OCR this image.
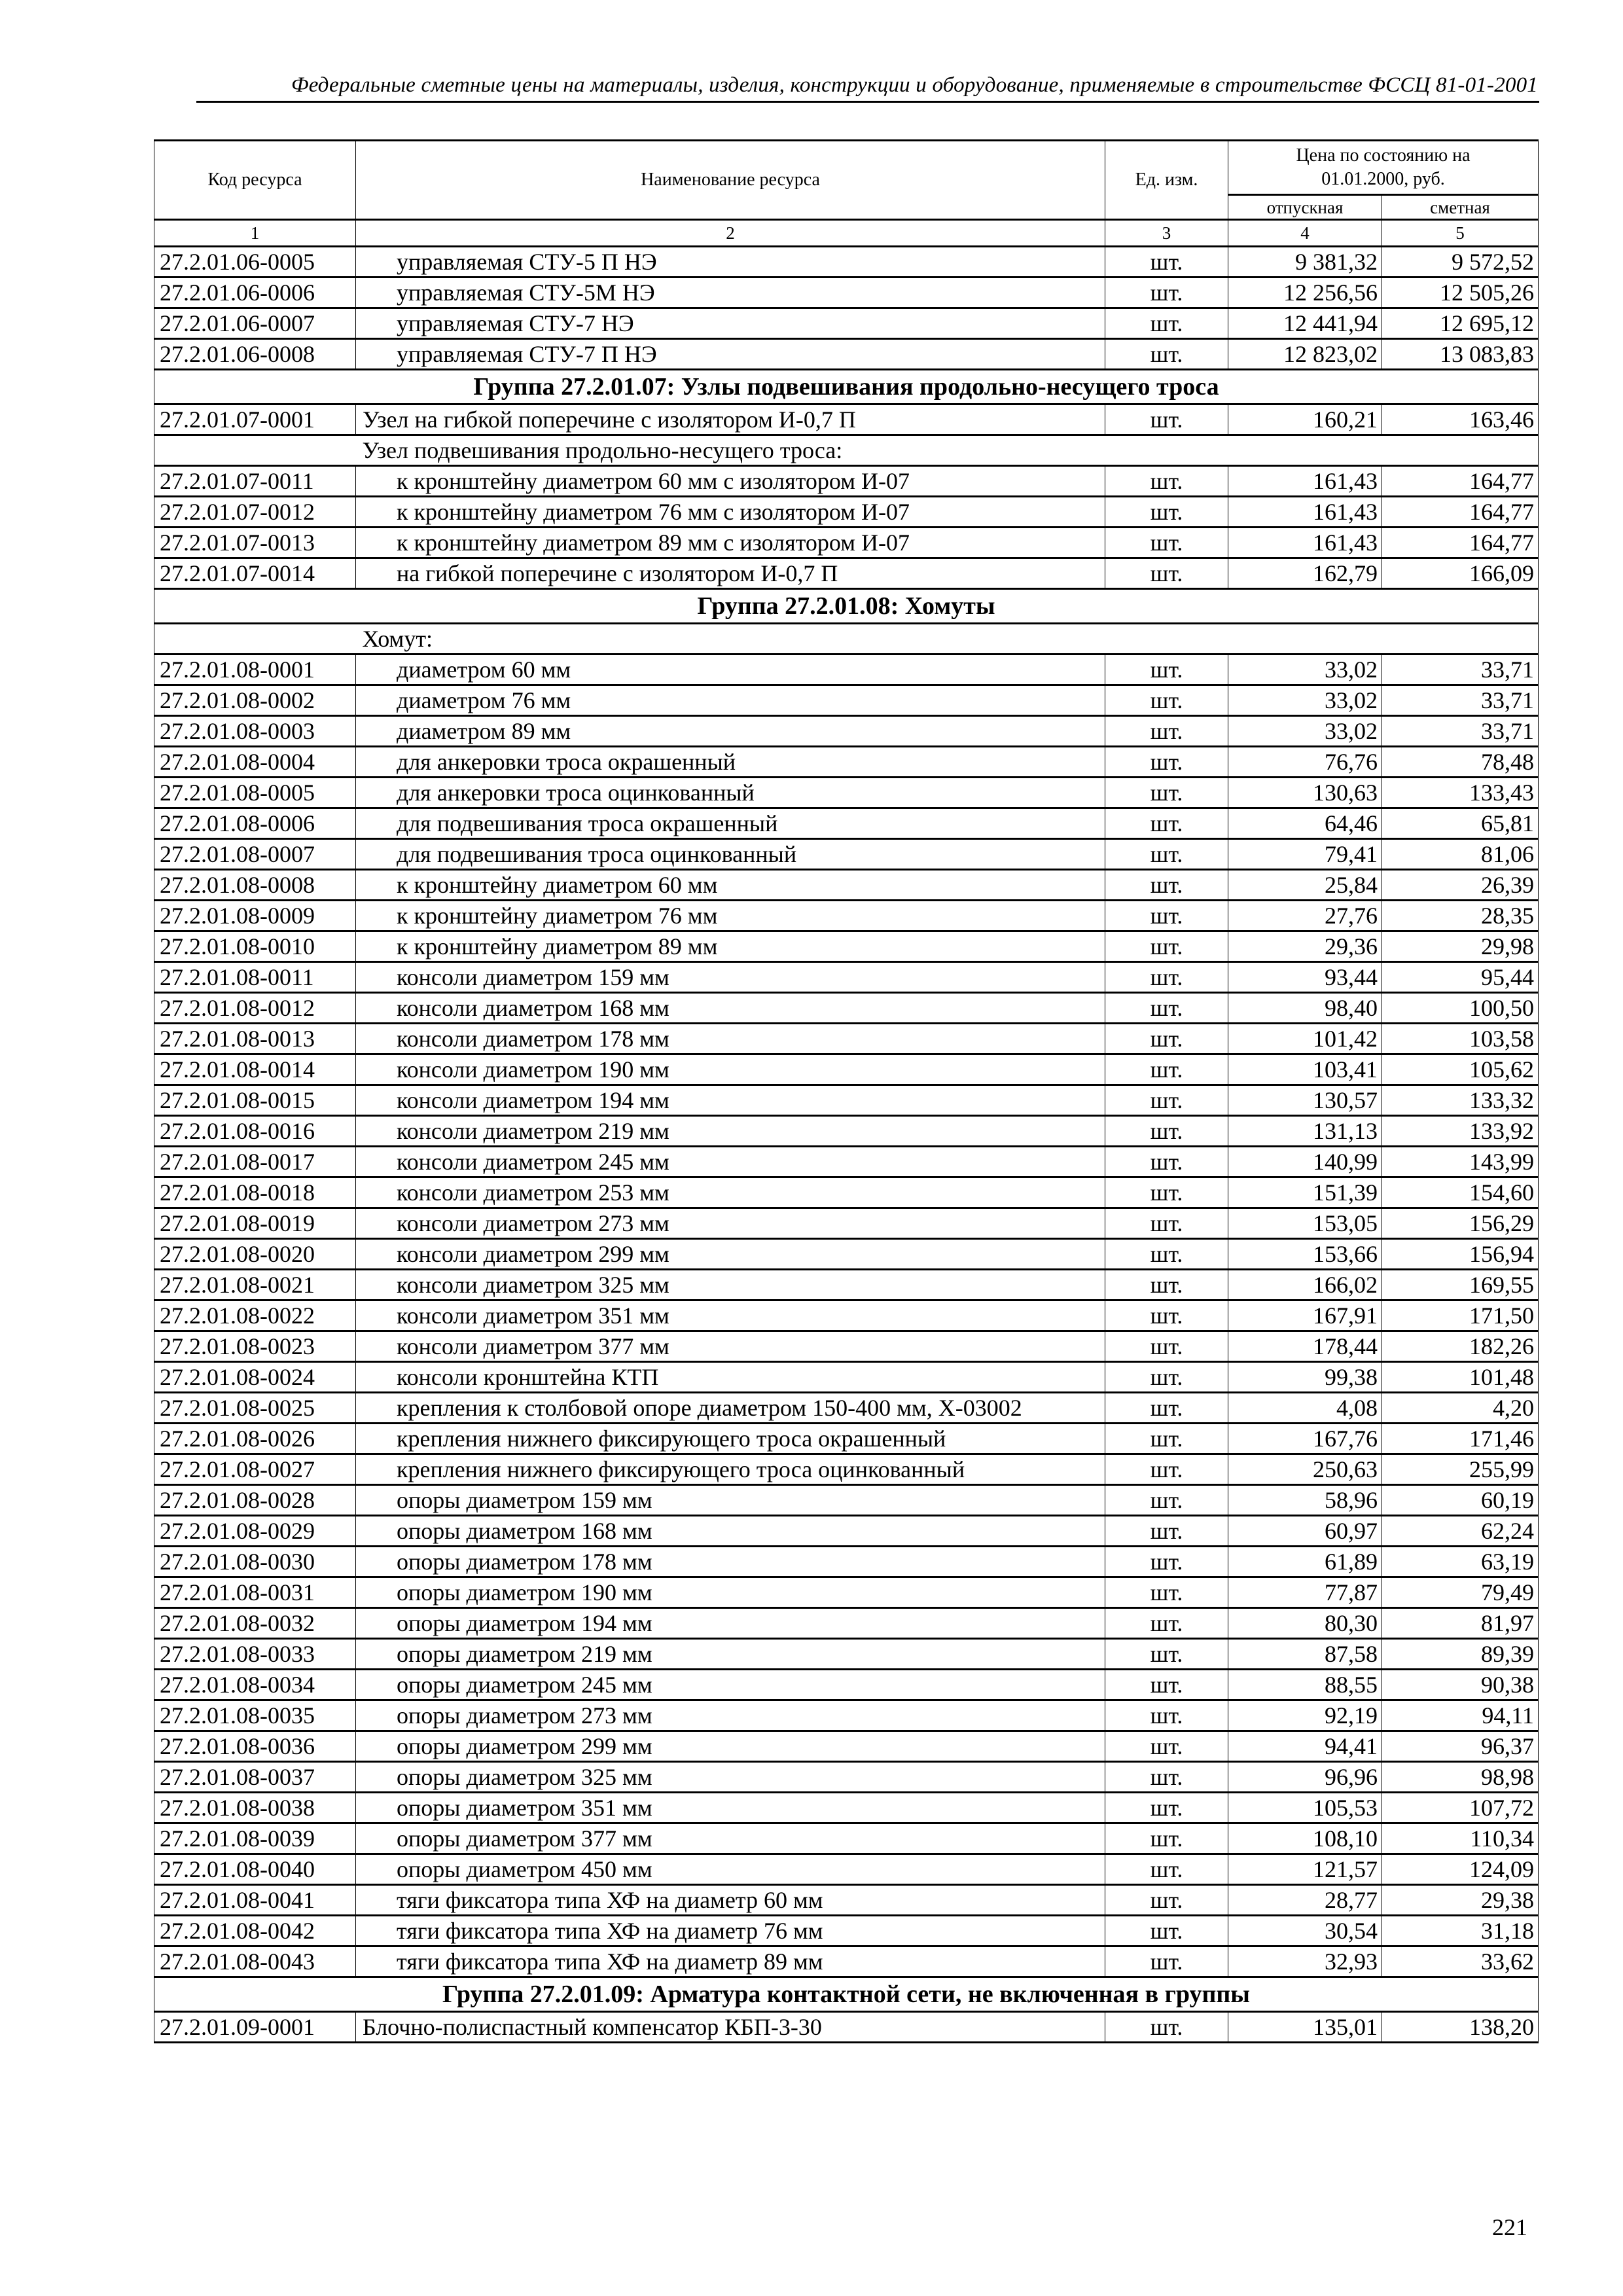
Федеральные сметные цены на материалы, изделия, конструкции и оборудование, применяемые в строительстве ФССЦ 81-01-2001
Код ресурса	Наименование ресурса	Ед. изм.	Цена по состоянию на 01.01.2000, руб.	
			отпускная	сметная
1	2	3	4	5
27.2.01.06-0005	управляемая СТУ-5 П НЭ	шт.	9 381,32	9 572,52
27.2.01.06-0006	управляемая СТУ-5М НЭ	шт.	12 256,56	12 505,26
27.2.01.06-0007	управляемая СТУ-7 НЭ	шт.	12 441,94	12 695,12
27.2.01.06-0008	управляемая СТУ-7 П НЭ	шт.	12 823,02	13 083,83
Группа 27.2.01.07: Узлы подвешивания продольно-несущего троса				
27.2.01.07-0001	Узел на гибкой поперечине с изолятором И-0,7 П	шт.	160,21	163,46
	Узел подвешивания продольно-несущего троса:			
27.2.01.07-0011	к кронштейну диаметром 60 мм с изолятором И-07	шт.	161,43	164,77
27.2.01.07-0012	к кронштейну диаметром 76 мм с изолятором И-07	шт.	161,43	164,77
27.2.01.07-0013	к кронштейну диаметром 89 мм с изолятором И-07	шт.	161,43	164,77
27.2.01.07-0014	на гибкой поперечине с изолятором И-0,7 П	шт.	162,79	166,09
Группа 27.2.01.08: Хомуты				
	Хомут:			
27.2.01.08-0001	диаметром 60 мм	шт.	33,02	33,71
27.2.01.08-0002	диаметром 76 мм	шт.	33,02	33,71
27.2.01.08-0003	диаметром 89 мм	шт.	33,02	33,71
27.2.01.08-0004	для анкеровки троса окрашенный	шт.	76,76	78,48
27.2.01.08-0005	для анкеровки троса оцинкованный	шт.	130,63	133,43
27.2.01.08-0006	для подвешивания троса окрашенный	шт.	64,46	65,81
27.2.01.08-0007	для подвешивания троса оцинкованный	шт.	79,41	81,06
27.2.01.08-0008	к кронштейну диаметром 60 мм	шт.	25,84	26,39
27.2.01.08-0009	к кронштейну диаметром 76 мм	шт.	27,76	28,35
27.2.01.08-0010	к кронштейну диаметром 89 мм	шт.	29,36	29,98
27.2.01.08-0011	консоли диаметром 159 мм	шт.	93,44	95,44
27.2.01.08-0012	консоли диаметром 168 мм	шт.	98,40	100,50
27.2.01.08-0013	консоли диаметром 178 мм	шт.	101,42	103,58
27.2.01.08-0014	консоли диаметром 190 мм	шт.	103,41	105,62
27.2.01.08-0015	консоли диаметром 194 мм	шт.	130,57	133,32
27.2.01.08-0016	консоли диаметром 219 мм	шт.	131,13	133,92
27.2.01.08-0017	консоли диаметром 245 мм	шт.	140,99	143,99
27.2.01.08-0018	консоли диаметром 253 мм	шт.	151,39	154,60
27.2.01.08-0019	консоли диаметром 273 мм	шт.	153,05	156,29
27.2.01.08-0020	консоли диаметром 299 мм	шт.	153,66	156,94
27.2.01.08-0021	консоли диаметром 325 мм	шт.	166,02	169,55
27.2.01.08-0022	консоли диаметром 351 мм	шт.	167,91	171,50
27.2.01.08-0023	консоли диаметром 377 мм	шт.	178,44	182,26
27.2.01.08-0024	консоли кронштейна КТП	шт.	99,38	101,48
27.2.01.08-0025	крепления к столбовой опоре диаметром 150-400 мм, Х-03002	шт.	4,08	4,20
27.2.01.08-0026	крепления нижнего фиксирующего троса окрашенный	шт.	167,76	171,46
27.2.01.08-0027	крепления нижнего фиксирующего троса оцинкованный	шт.	250,63	255,99
27.2.01.08-0028	опоры диаметром 159 мм	шт.	58,96	60,19
27.2.01.08-0029	опоры диаметром 168 мм	шт.	60,97	62,24
27.2.01.08-0030	опоры диаметром 178 мм	шт.	61,89	63,19
27.2.01.08-0031	опоры диаметром 190 мм	шт.	77,87	79,49
27.2.01.08-0032	опоры диаметром 194 мм	шт.	80,30	81,97
27.2.01.08-0033	опоры диаметром 219 мм	шт.	87,58	89,39
27.2.01.08-0034	опоры диаметром 245 мм	шт.	88,55	90,38
27.2.01.08-0035	опоры диаметром 273 мм	шт.	92,19	94,11
27.2.01.08-0036	опоры диаметром 299 мм	шт.	94,41	96,37
27.2.01.08-0037	опоры диаметром 325 мм	шт.	96,96	98,98
27.2.01.08-0038	опоры диаметром 351 мм	шт.	105,53	107,72
27.2.01.08-0039	опоры диаметром 377 мм	шт.	108,10	110,34
27.2.01.08-0040	опоры диаметром 450 мм	шт.	121,57	124,09
27.2.01.08-0041	тяги фиксатора типа ХФ на диаметр 60 мм	шт.	28,77	29,38
27.2.01.08-0042	тяги фиксатора типа ХФ на диаметр 76 мм	шт.	30,54	31,18
27.2.01.08-0043	тяги фиксатора типа ХФ на диаметр 89 мм	шт.	32,93	33,62
Группа 27.2.01.09: Арматура контактной сети, не включенная в группы				
27.2.01.09-0001	Блочно-полиспастный компенсатор КБП-3-30	шт.	135,01	138,20
221
